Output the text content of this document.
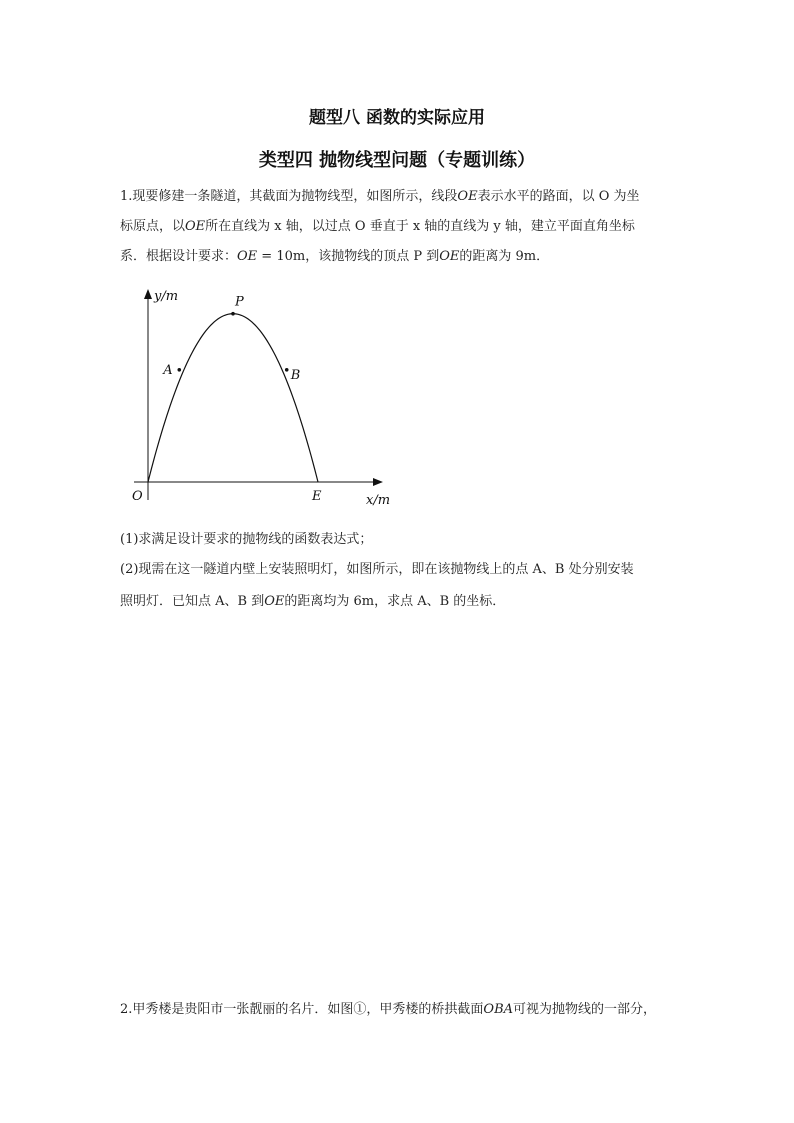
题型八 函数的实际应用
类型四 抛物线型问题（专题训练）
1.现要修建一条隧道，其截面为抛物线型，如图所示，线段OE表示水平的路面，以 O 为坐
标原点，以OE所在直线为 x 轴，以过点 O 垂直于 x 轴的直线为 y 轴，建立平面直角坐标
系．根据设计要求：OE = 10m，该抛物线的顶点 P 到OE的距离为 9m．
y/m
x/m
O	E
P
A	B
(1)求满足设计要求的抛物线的函数表达式；
(2)现需在这一隧道内壁上安装照明灯，如图所示，即在该抛物线上的点 A、B 处分别安装
照明灯．已知点 A、B 到OE的距离均为 6m，求点 A、B 的坐标．
2.甲秀楼是贵阳市一张靓丽的名片．如图①，甲秀楼的桥拱截面OBA可视为抛物线的一部分，
